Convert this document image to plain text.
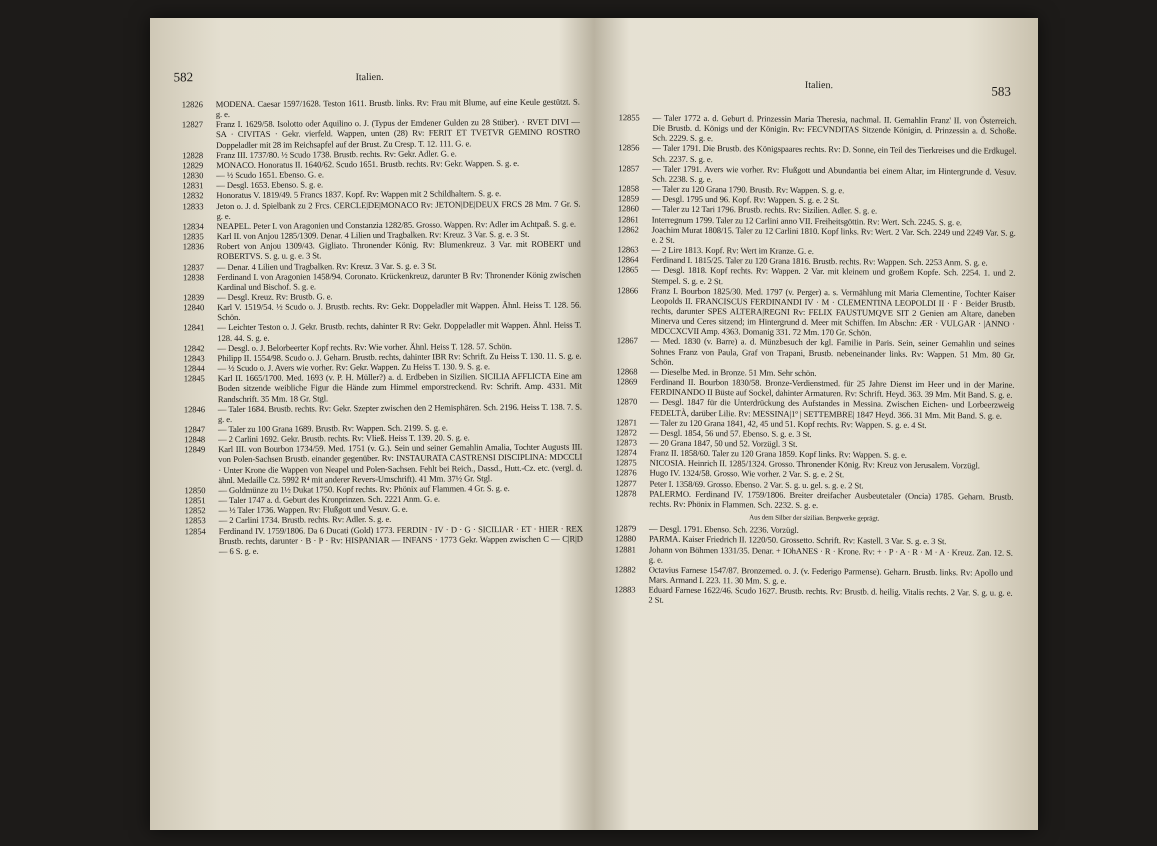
582	Italien.
12826	MODENA. Caesar 1597/1628. Teston 1611. Brustb. links. Rv: Frau mit Blume, auf eine Keule gestützt. S. g. e.
12827	Franz I. 1629/58. Isolotto oder Aquilino o. J. (Typus der Emdener Gulden zu 28 Stüber). · RVET DIVI — SA · CIVITAS · Gekr. vierfeld. Wappen, unten (28) Rv: FERIT ET TVETVR GEMINO ROSTRO Doppeladler mit 28 im Reichsapfel auf der Brust. Zu Cresp. T. 12. 111. G. e.
12828	Franz III. 1737/80. ½ Scudo 1738. Brustb. rechts. Rv: Gekr. Adler. G. e.
12829	MONACO. Honoratus II. 1640/62. Scudo 1651. Brustb. rechts. Rv: Gekr. Wappen. S. g. e.
12830	— ½ Scudo 1651. Ebenso. G. e.
12831	— Desgl. 1653. Ebenso. S. g. e.
12832	Honoratus V. 1819/49. 5 Francs 1837. Kopf. Rv: Wappen mit 2 Schildhaltern. S. g. e.
12833	Jeton o. J. d. Spielbank zu 2 Frcs. CERCLE|DE|MONACO Rv: JETON|DE|DEUX FRCS 28 Mm. 7 Gr. S. g. e.
12834	NEAPEL. Peter I. von Aragonien und Constanzia 1282/85. Grosso. Wappen. Rv: Adler im Achtpaß. S. g. e.
12835	Karl II. von Anjou 1285/1309. Denar. 4 Lilien und Tragbalken. Rv: Kreuz. 3 Var. S. g. e. 3 St.
12836	Robert von Anjou 1309/43. Gigliato. Thronender König. Rv: Blumenkreuz. 3 Var. mit ROBERT und ROBERTVS. S. g. u. g. e. 3 St.
12837	— Denar. 4 Lilien und Tragbalken. Rv: Kreuz. 3 Var. S. g. e. 3 St.
12838	Ferdinand I. von Aragonien 1458/94. Coronato. Krückenkreuz, darunter B Rv: Thronender König zwischen Kardinal und Bischof. S. g. e.
12839	— Desgl. Kreuz. Rv: Brustb. G. e.
12840	Karl V. 1519/54. ½ Scudo o. J. Brustb. rechts. Rv: Gekr. Doppeladler mit Wappen. Ähnl. Heiss T. 128. 56. Schön.
12841	— Leichter Teston o. J. Gekr. Brustb. rechts, dahinter R Rv: Gekr. Doppeladler mit Wappen. Ähnl. Heiss T. 128. 44. S. g. e.
12842	— Desgl. o. J. Belorbeerter Kopf rechts. Rv: Wie vorher. Ähnl. Heiss T. 128. 57. Schön.
12843	Philipp II. 1554/98. Scudo o. J. Geharn. Brustb. rechts, dahinter IBR Rv: Schrift. Zu Heiss T. 130. 11. S. g. e.
12844	— ½ Scudo o. J. Avers wie vorher. Rv: Gekr. Wappen. Zu Heiss T. 130. 9. S. g. e.
12845	Karl II. 1665/1700. Med. 1693 (v. P. H. Müller?) a. d. Erdbeben in Sizilien. SICILIA AFFLICTA Eine am Boden sitzende weibliche Figur die Hände zum Himmel emporstreckend. Rv: Schrift. Amp. 4331. Mit Randschrift. 35 Mm. 18 Gr. Stgl.
12846	— Taler 1684. Brustb. rechts. Rv: Gekr. Szepter zwischen den 2 Hemisphären. Sch. 2196. Heiss T. 138. 7. S. g. e.
12847	— Taler zu 100 Grana 1689. Brustb. Rv: Wappen. Sch. 2199. S. g. e.
12848	— 2 Carlini 1692. Gekr. Brustb. rechts. Rv: Vließ. Heiss T. 139. 20. S. g. e.
12849	Karl III. von Bourbon 1734/59. Med. 1751 (v. G.). Sein und seiner Gemahlin Amalia, Tochter Augusts III. von Polen-Sachsen Brustb. einander gegenüber. Rv: INSTAURATA CASTRENSI DISCIPLINA: MDCCLI · Unter Krone die Wappen von Neapel und Polen-Sachsen. Fehlt bei Reich., Dassd., Hutt.-Cz. etc. (vergl. d. ähnl. Medaille Cz. 5992 R⁴ mit anderer Revers-Umschrift). 41 Mm. 37½ Gr. Stgl.
12850	— Goldmünze zu 1½ Dukat 1750. Kopf rechts. Rv: Phönix auf Flammen. 4 Gr. S. g. e.
12851	— Taler 1747 a. d. Geburt des Kronprinzen. Sch. 2221 Anm. G. e.
12852	— ½ Taler 1736. Wappen. Rv: Flußgott und Vesuv. G. e.
12853	— 2 Carlini 1734. Brustb. rechts. Rv: Adler. S. g. e.
12854	Ferdinand IV. 1759/1806. Da 6 Ducati (Gold) 1773. FERDIN · IV · D · G · SICILIAR · ET · HIER · REX Brustb. rechts, darunter · B · P · Rv: HISPANIAR — INFANS · 1773 Gekr. Wappen zwischen C — C|R|D — 6 S. g. e.
583
Italien.
12855	— Taler 1772 a. d. Geburt d. Prinzessin Maria Theresia, nachmal. II. Gemahlin Franz' II. von Österreich. Die Brustb. d. Königs und der Königin. Rv: FECVNDITAS Sitzende Königin, d. Prinzessin a. d. Schoße. Sch. 2229. S. g. e.
12856	— Taler 1791. Die Brustb. des Königspaares rechts. Rv: D. Sonne, ein Teil des Tierkreises und die Erdkugel. Sch. 2237. S. g. e.
12857	— Taler 1791. Avers wie vorher. Rv: Flußgott und Abundantia bei einem Altar, im Hintergrunde d. Vesuv. Sch. 2238. S. g. e.
12858	— Taler zu 120 Grana 1790. Brustb. Rv: Wappen. S. g. e.
12859	— Desgl. 1795 und 96. Kopf. Rv: Wappen. S. g. e. 2 St.
12860	— Taler zu 12 Tari 1796. Brustb. rechts. Rv: Sizilien. Adler. S. g. e.
12861	Interregnum 1799. Taler zu 12 Carlini anno VII. Freiheitsgöttin. Rv: Wert. Sch. 2245. S. g. e.
12862	Joachim Murat 1808/15. Taler zu 12 Carlini 1810. Kopf links. Rv: Wert. 2 Var. Sch. 2249 und 2249 Var. S. g. e. 2 St.
12863	— 2 Lire 1813. Kopf. Rv: Wert im Kranze. G. e.
12864	Ferdinand I. 1815/25. Taler zu 120 Grana 1816. Brustb. rechts. Rv: Wappen. Sch. 2253 Anm. S. g. e.
12865	— Desgl. 1818. Kopf rechts. Rv: Wappen. 2 Var. mit kleinem und großem Kopfe. Sch. 2254. 1. und 2. Stempel. S. g. e. 2 St.
12866	Franz I. Bourbon 1825/30. Med. 1797 (v. Perger) a. s. Vermählung mit Maria Clementine, Tochter Kaiser Leopolds II. FRANCISCUS FERDINANDI IV · M · CLEMENTINA LEOPOLDI II · F · Beider Brustb. rechts, darunter SPES ALTERA|REGNI Rv: FELIX FAUSTUMQVE SIT 2 Genien am Altare, daneben Minerva und Ceres sitzend; im Hintergrund d. Meer mit Schiffen. Im Abschn: ÆR · VULGAR · |ANNO · MDCCXCVII Amp. 4363. Domanig 331. 72 Mm. 170 Gr. Schön.
12867	— Med. 1830 (v. Barre) a. d. Münzbesuch der kgl. Familie in Paris. Sein, seiner Gemahlin und seines Sohnes Franz von Paula, Graf von Trapani, Brustb. nebeneinander links. Rv: Wappen. 51 Mm. 80 Gr. Schön.
12868	— Dieselbe Med. in Bronze. 51 Mm. Sehr schön.
12869	Ferdinand II. Bourbon 1830/58. Bronze-Verdienstmed. für 25 Jahre Dienst im Heer und in der Marine. FERDINANDO II Büste auf Sockel, dahinter Armaturen. Rv: Schrift. Heyd. 363. 39 Mm. Mit Band. S. g. e.
12870	— Desgl. 1847 für die Unterdrückung des Aufstandes in Messina. Zwischen Eichen- und Lorbeerzweig FEDELTÀ, darüber Lilie. Rv: MESSINA|1º | SETTEMBRE| 1847 Heyd. 366. 31 Mm. Mit Band. S. g. e.
12871	— Taler zu 120 Grana 1841, 42, 45 und 51. Kopf rechts. Rv: Wappen. S. g. e. 4 St.
12872	— Desgl. 1854, 56 und 57. Ebenso. S. g. e. 3 St.
12873	— 20 Grana 1847, 50 und 52. Vorzügl. 3 St.
12874	Franz II. 1858/60. Taler zu 120 Grana 1859. Kopf links. Rv: Wappen. S. g. e.
12875	NICOSIA. Heinrich II. 1285/1324. Grosso. Thronender König. Rv: Kreuz von Jerusalem. Vorzügl.
12876	Hugo IV. 1324/58. Grosso. Wie vorher. 2 Var. S. g. e. 2 St.
12877	Peter I. 1358/69. Grosso. Ebenso. 2 Var. S. g. u. gel. s. g. e. 2 St.
12878	PALERMO. Ferdinand IV. 1759/1806. Breiter dreifacher Ausbeutetaler (Oncia) 1785. Geharn. Brustb. rechts. Rv: Phönix in Flammen. Sch. 2232. S. g. e.
Aus dem Silber der sizilian. Bergwerke geprägt.
12879	— Desgl. 1791. Ebenso. Sch. 2236. Vorzügl.
12880	PARMA. Kaiser Friedrich II. 1220/50. Grossetto. Schrift. Rv: Kastell. 3 Var. S. g. e. 3 St.
12881	Johann von Böhmen 1331/35. Denar. + IOhANES · R · Krone. Rv: + · P · A · R · M · A · Kreuz. Zan. 12. S. g. e.
12882	Octavius Farnese 1547/87. Bronzemed. o. J. (v. Federigo Parmense). Geharn. Brustb. links. Rv: Apollo und Mars. Armand I. 223. 11. 30 Mm. S. g. e.
12883	Eduard Farnese 1622/46. Scudo 1627. Brustb. rechts. Rv: Brustb. d. heilig. Vitalis rechts. 2 Var. S. g. u. g. e. 2 St.
